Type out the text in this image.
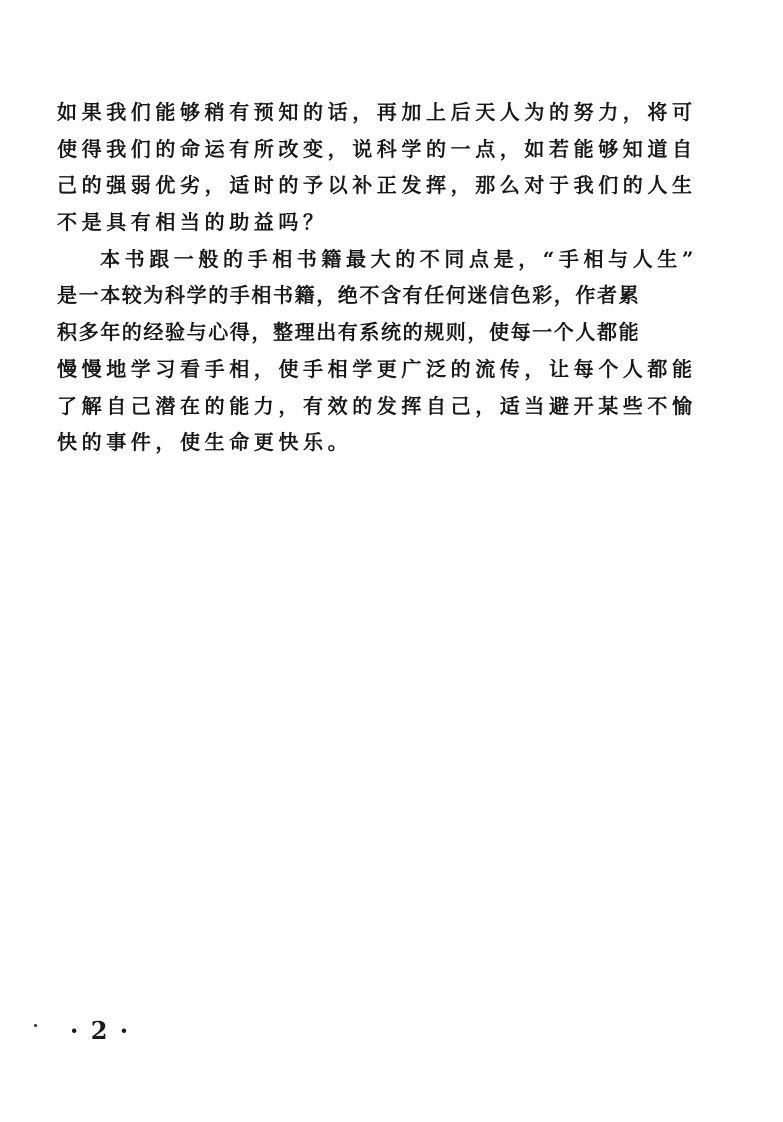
如果我们能够稍有预知的话，再加上后天人为的努力，将可
使得我们的命运有所改变，说科学的一点，如若能够知道自
己的强弱优劣，适时的予以补正发挥，那么对于我们的人生
不是具有相当的助益吗？
本书跟一般的手相书籍最大的不同点是，“手相与人生”
是一本较为科学的手相书籍，绝不含有任何迷信色彩，作者累
积多年的经验与心得，整理出有系统的规则，使每一个人都能
慢慢地学习看手相，使手相学更广泛的流传，让每个人都能
了解自己潜在的能力，有效的发挥自己，适当避开某些不愉
快的事件，使生命更快乐。
· 2 ·
